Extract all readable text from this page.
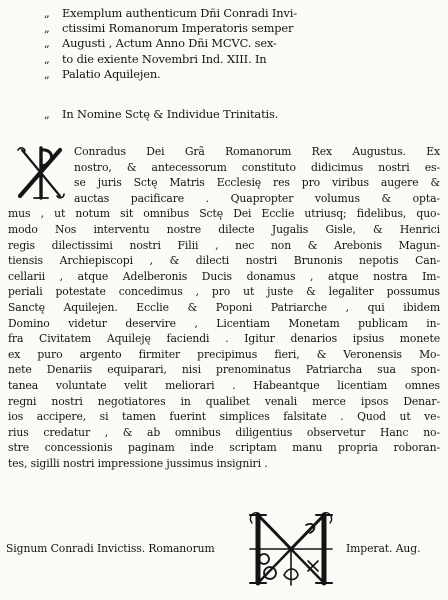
„ Exemplum authenticum Dñi Conradi Invi-
„ ctissimi Romanorum Imperatoris semper
„ Augusti , Actum Anno Dñi MCVC. sex-
„ to die exiente Novembri Ind. XIII. In
„ Palatio Aquilejen.
„ In Nomine Sctę & Individue Trinitatis.
Conradus Dei Grã Romanorum Rex Augustus. Ex
nostro, & antecessorum constituto didicimus nostri es-
se juris Sctę Matris Ecclesię res pro viribus augere &
auctas pacificare . Quapropter volumus & opta-
mus , ut notum sit omnibus Sctę Dei Ecclie utriusq; fidelibus, quo-
modo Nos interventu nostre dilecte Jugalis Gisle, & Henrici
regis dilectissimi nostri Filii , nec non & Arebonis Magun-
tiensis Archiepiscopi , & dilecti nostri Brunonis nepotis Can-
cellarii , atque Adelberonis Ducis donamus , atque nostra Im-
periali potestate concedimus , pro ut juste & legaliter possumus
Sanctę Aquilejen. Ecclie & Poponi Patriarche , qui ibidem
Domino videtur deservire , Licentiam Monetam publicam in-
fra Civitatem Aquileję faciendi . Igitur denarios ipsius monete
ex puro argento firmiter precipimus fieri, & Veronensis Mo-
nete Denariis equiparari, nisi prenominatus Patriarcha sua spon-
tanea voluntate velit meliorari . Habeantque licentiam omnes
regni nostri negotiatores in qualibet venali merce ipsos Denar-
ios accipere, si tamen fuerint simplices falsitate . Quod ut ve-
rius credatur , & ab omnibus diligentius observetur Hanc no-
stre concessionis paginam inde scriptam manu propria roboran-
tes, sigilli nostri impressione jussimus insigniri .
Signum Conradi Invictiss. Romanorum	Imperat. Aug.
